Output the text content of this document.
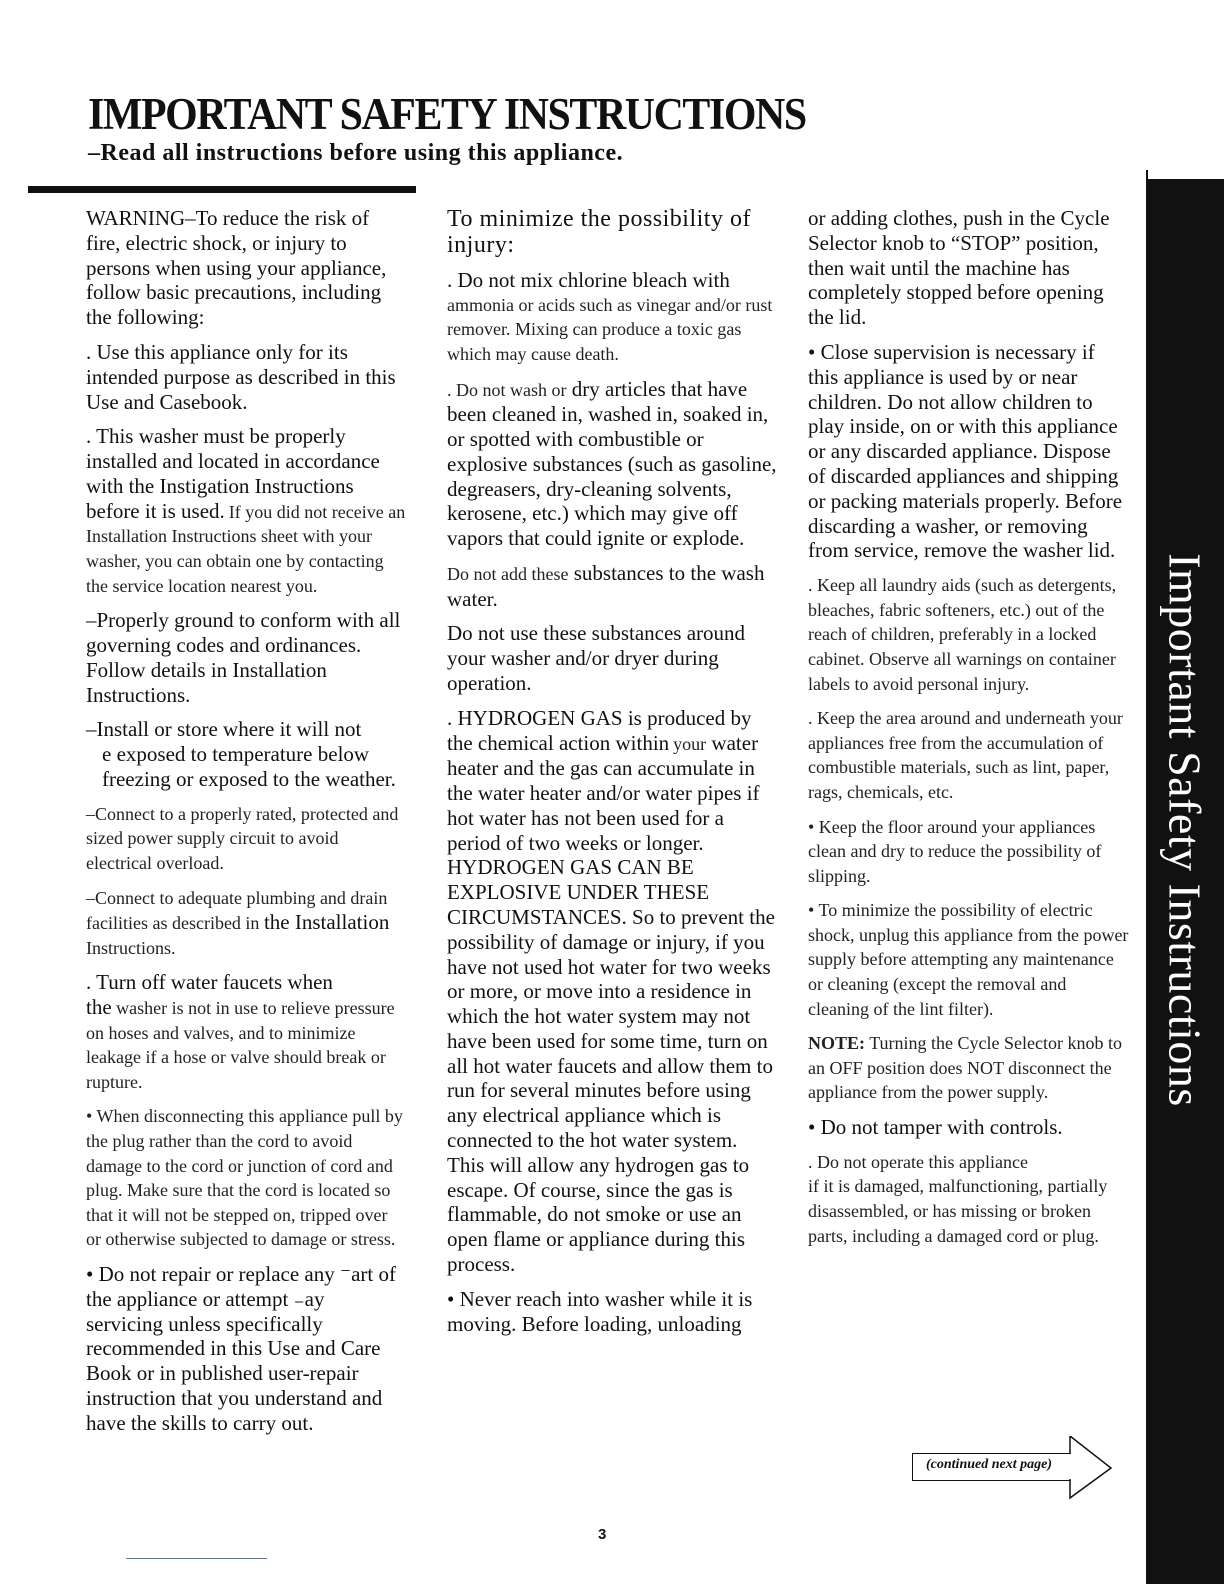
IMPORTANT SAFETY INSTRUCTIONS

–Read all instructions before using this appliance.

Important Safety Instructions

WARNING–To reduce the risk of fire, electric shock, or injury to persons when using your appliance, follow basic precautions, including the following:

. Use this appliance only for its intended purpose as described in this Use and Casebook.

. This washer must be properly installed and located in accordance with the Instigation Instructions before it is used. If you did not receive an Installation Instructions sheet with your washer, you can obtain one by contacting the service location nearest you.

–Properly ground to conform with all governing codes and ordinances. Follow details in Installation Instructions.

–Install or store where it will not
e exposed to temperature below freezing or exposed to the weather.

–Connect to a properly rated, protected and sized power supply circuit to avoid electrical overload.

–Connect to adequate plumbing and drain facilities as described in the Installation Instructions.

. Turn off water faucets when
the washer is not in use to relieve pressure on hoses and valves, and to minimize leakage if a hose or valve should break or rupture.

• When disconnecting this appliance pull by the plug rather than the cord to avoid damage to the cord or junction of cord and plug. Make sure that the cord is located so that it will not be stepped on, tripped over or otherwise subjected to damage or stress.

• Do not repair or replace any ⁻art of the appliance or attempt ₋ay servicing unless specifically recommended in this Use and Care Book or in published user-repair instruction that you understand and have the skills to carry out.

To minimize the possibility of injury:

. Do not mix chlorine bleach with
ammonia or acids such as vinegar and/or rust remover. Mixing can produce a toxic gas which may cause death.

. Do not wash or dry articles that have been cleaned in, washed in, soaked in, or spotted with combustible or explosive substances (such as gasoline, degreasers, dry-cleaning solvents, kerosene, etc.) which may give off vapors that could ignite or explode.

Do not add these substances to the wash water.

Do not use these substances around your washer and/or dryer during operation.

. HYDROGEN GAS is produced by the chemical action within your water heater and the gas can accumulate in the water heater and/or water pipes if hot water has not been used for a period of two weeks or longer. HYDROGEN GAS CAN BE EXPLOSIVE UNDER THESE CIRCUMSTANCES. So to prevent the possibility of damage or injury, if you have not used hot water for two weeks or more, or move into a residence in which the hot water system may not have been used for some time, turn on all hot water faucets and allow them to run for several minutes before using any electrical appliance which is connected to the hot water system. This will allow any hydrogen gas to escape. Of course, since the gas is flammable, do not smoke or use an open flame or appliance during this process.

• Never reach into washer while it is moving. Before loading, unloading

or adding clothes, push in the Cycle Selector knob to “STOP” position, then wait until the machine has completely stopped before opening the lid.

• Close supervision is necessary if this appliance is used by or near children. Do not allow children to play inside, on or with this appliance or any discarded appliance. Dispose of discarded appliances and shipping or packing materials properly. Before discarding a washer, or removing from service, remove the washer lid.

. Keep all laundry aids (such as detergents, bleaches, fabric softeners, etc.) out of the reach of children, preferably in a locked cabinet. Observe all warnings on container labels to avoid personal injury.

. Keep the area around and underneath your appliances free from the accumulation of combustible materials, such as lint, paper, rags, chemicals, etc.

• Keep the floor around your appliances clean and dry to reduce the possibility of slipping.

• To minimize the possibility of electric shock, unplug this appliance from the power supply before attempting any maintenance or cleaning (except the removal and cleaning of the lint filter).

NOTE: Turning the Cycle Selector knob to an OFF position does NOT disconnect the appliance from the power supply.

• Do not tamper with controls.

. Do not operate this appliance
if it is damaged, malfunctioning, partially disassembled, or has missing or broken parts, including a damaged cord or plug.

(continued next page)
3
